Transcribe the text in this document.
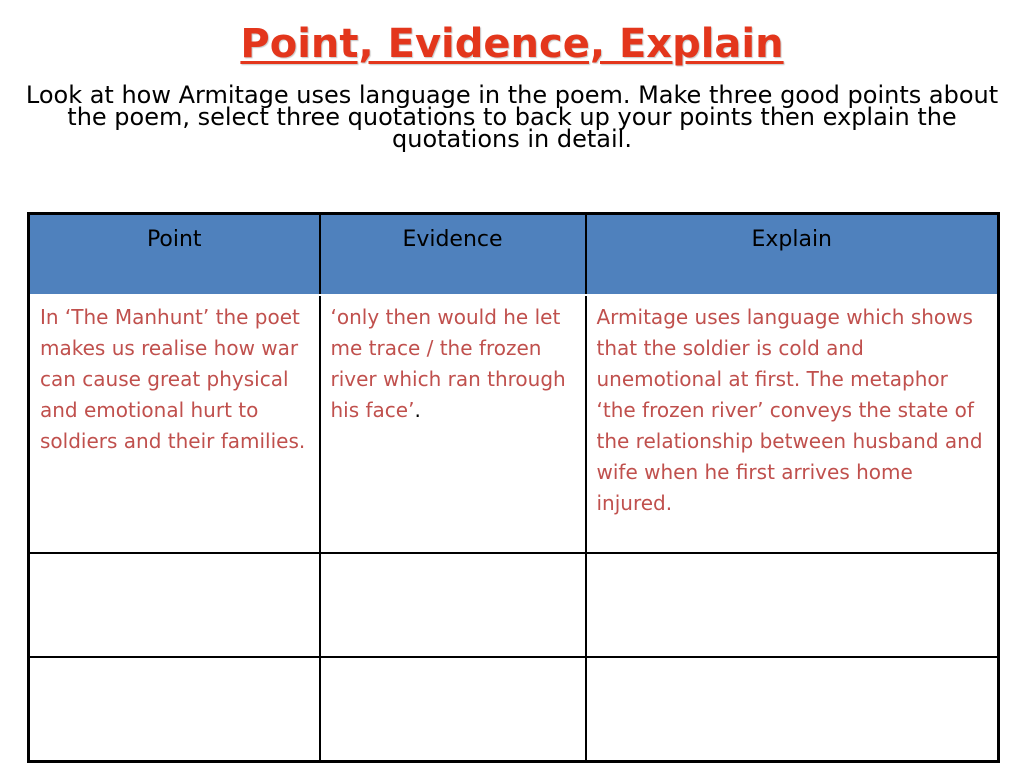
Point, Evidence, Explain
Look at how Armitage uses language in the poem. Make three good points about the poem, select three quotations to back up your points then explain the quotations in detail.
Point	Evidence	Explain
In ‘The Manhunt’ the poet makes us realise how war can cause great physical and emotional hurt to soldiers and their families.	‘only then would he let me trace / the frozen river which ran through his face’.	Armitage uses language which shows that the soldier is cold and unemotional at first. The metaphor ‘the frozen river’ conveys the state of the relationship between husband and wife when he first arrives home injured.
